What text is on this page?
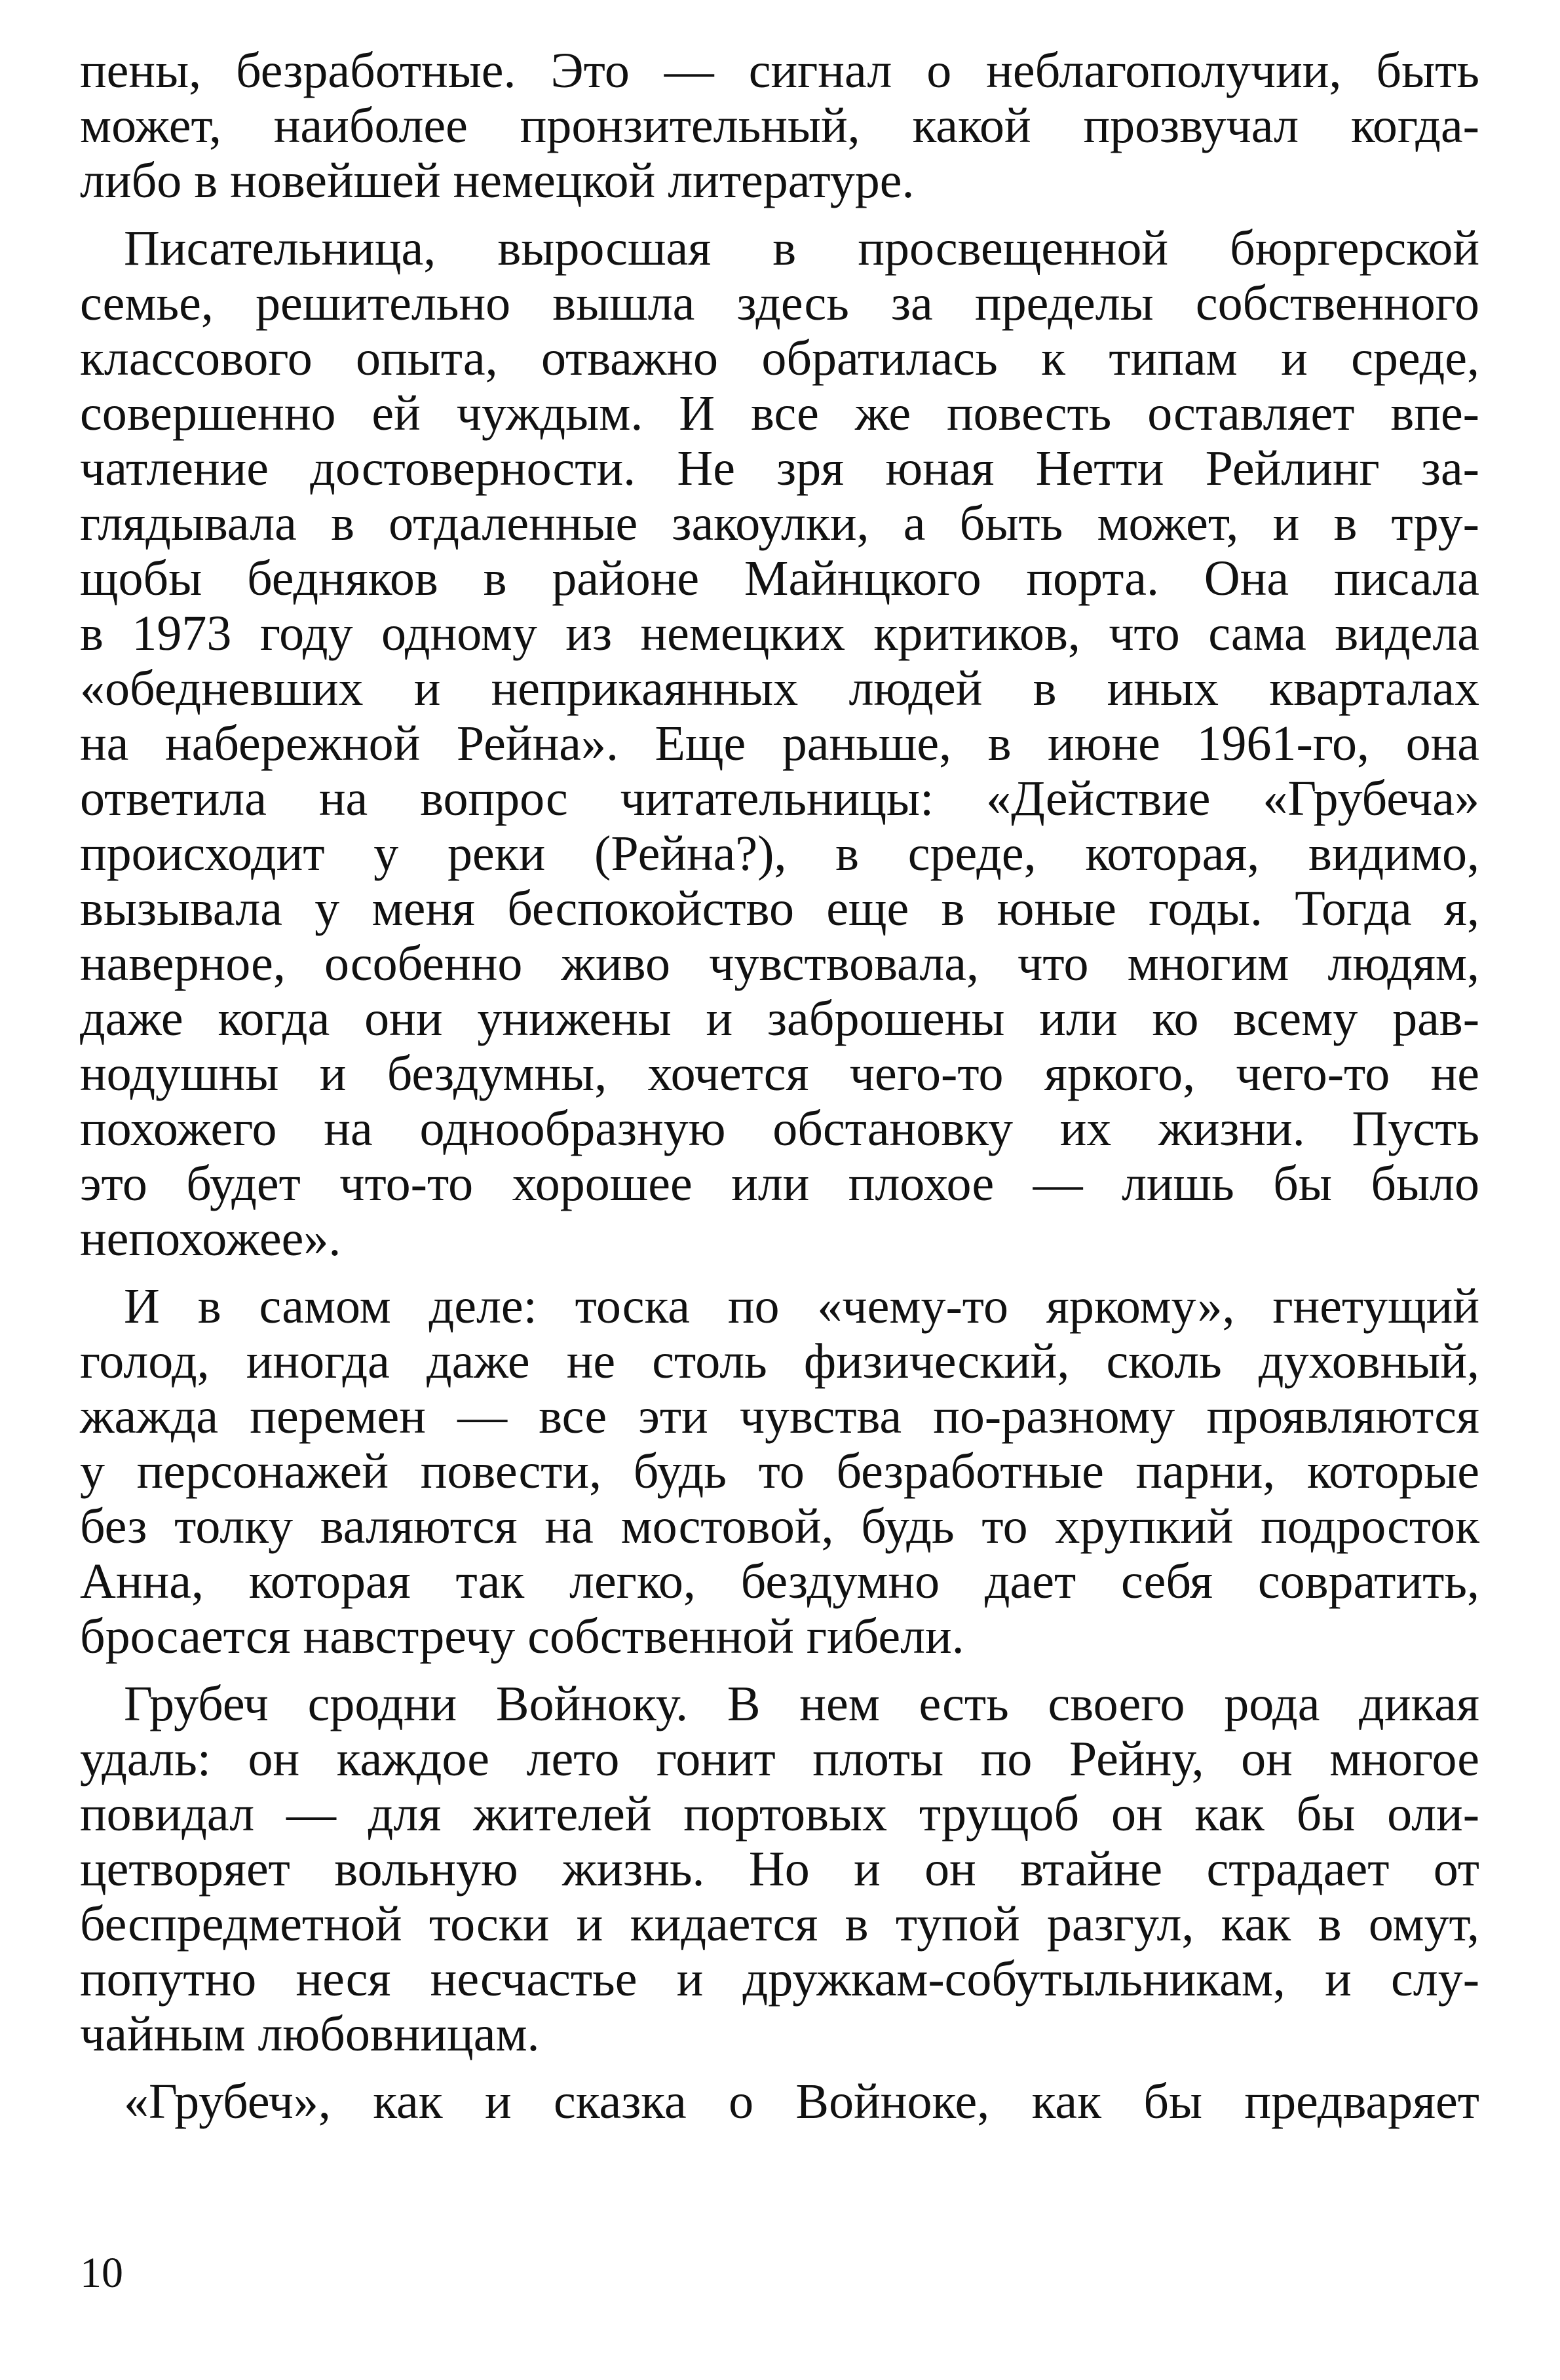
пены, безработные. Это — сигнал о неблагополучии, быть
может, наиболее пронзительный, какой прозвучал когда-
либо в новейшей немецкой литературе.
Писательница, выросшая в просвещенной бюргерской
семье, решительно вышла здесь за пределы собственного
классового опыта, отважно обратилась к типам и среде,
совершенно ей чуждым. И все же повесть оставляет впе-
чатление достоверности. Не зря юная Нетти Рейлинг за-
глядывала в отдаленные закоулки, а быть может, и в тру-
щобы бедняков в районе Майнцкого порта. Она писала
в 1973 году одному из немецких критиков, что сама видела
«обедневших и неприкаянных людей в иных кварталах
на набережной Рейна». Еще раньше, в июне 1961-го, она
ответила на вопрос читательницы: «Действие «Грубеча»
происходит у реки (Рейна?), в среде, которая, видимо,
вызывала у меня беспокойство еще в юные годы. Тогда я,
наверное, особенно живо чувствовала, что многим людям,
даже когда они унижены и заброшены или ко всему рав-
нодушны и бездумны, хочется чего-то яркого, чего-то не
похожего на однообразную обстановку их жизни. Пусть
это будет что-то хорошее или плохое — лишь бы было
непохожее».
И в самом деле: тоска по «чему-то яркому», гнетущий
голод, иногда даже не столь физический, сколь духовный,
жажда перемен — все эти чувства по-разному проявляются
у персонажей повести, будь то безработные парни, которые
без толку валяются на мостовой, будь то хрупкий подросток
Анна, которая так легко, бездумно дает себя совратить,
бросается навстречу собственной гибели.
Грубеч сродни Войноку. В нем есть своего рода дикая
удаль: он каждое лето гонит плоты по Рейну, он многое
повидал — для жителей портовых трущоб он как бы оли-
цетворяет вольную жизнь. Но и он втайне страдает от
беспредметной тоски и кидается в тупой разгул, как в омут,
попутно неся несчастье и дружкам-собутыльникам, и слу-
чайным любовницам.
«Грубеч», как и сказка о Войноке, как бы предваряет
10
